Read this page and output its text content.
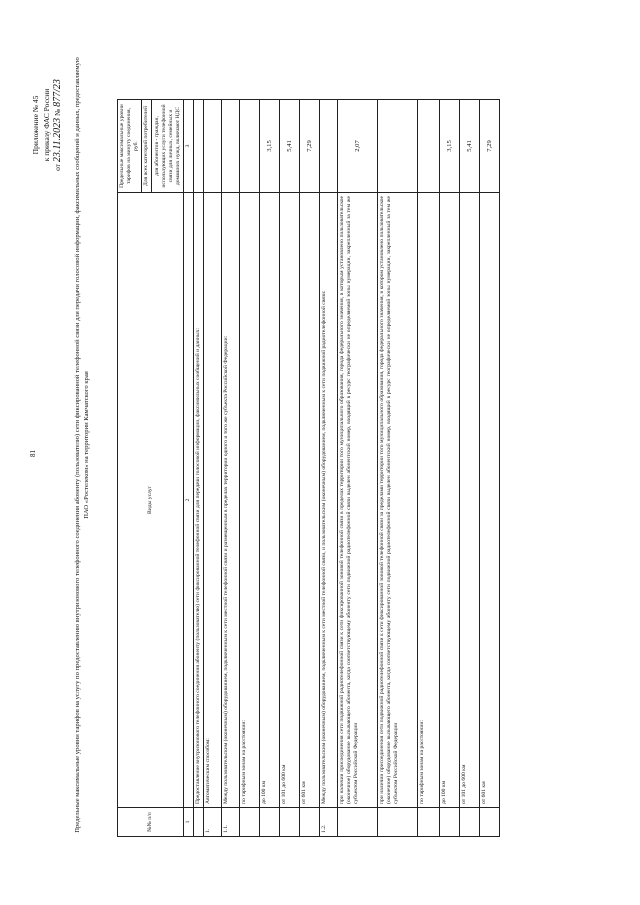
81
Приложение № 45 к приказу ФАС России
от 23.11.2023 № 877/23 Предельные максимальные уровни тарифов на услугу по предоставлению внутризонового телефонного соединения абоненту (пользователю) сети фиксированной телефонной связи для передачи голосовой информации, факсимильных сообщений и данных, предоставляемую ПАО «Ростелеком» на территории Камчатского края
№№ п/п	Виды услуг	Предельные максимальные уровни тарифов на минуту соединения, руб.
		Для всех категорий потребителей
		для абонентов - граждан, использующих услуги телефонной связи для личных, семейных и домашних нужд, включают НДС
1	2	3
	Предоставление внутризонового телефонного соединения абоненту (пользователю) сети фиксированной телефонной связи для передачи голосовой информации, факсимильных сообщений и данных:	
1.	Автоматическим способом:	
1.1.	Между пользовательским (оконечным) оборудованием, подключенным к сети местной телефонной связи и размещенным в пределах территории одного и того же субъекта Российской Федерации:	
	по тарифным зонам на расстоянии:	
	до 100 км	3,15
	от 101 до 600 км	5,41
	от 601 км	7,29
1.2.	Между пользовательским (оконечным) оборудованием, подключенным к сети местной телефонной связи, и пользовательским (оконечным) оборудованием, подключенным к сети подвижной радиотелефонной связи:	
	при наличии присоединения сети подвижной радиотелефонной связи к сети фиксированной зоновой телефонной связи в пределах территории того муниципального образования, города федерального значения, в которым установлено пользовательское (оконечное) оборудование вызывающего абонента, когда соответствующему абоненту сети подвижной радиотелефонной связи выделен абонентский номер, входящий в ресурс географически не определяемой зоны нумерации, закрепленный за тем же субъектом Российской Федерации	2,07
	при наличии присоединения сети подвижной радиотелефонной связи к сети фиксированной зоновой телефонной связи за пределами территории того муниципального образования, города федерального значения, в котором установлено пользовательское (оконечное) оборудование вызывающего абонента, когда соответствующему абоненту сети подвижной радиотелефонной связи выделен абонентский номер, входящий в ресурс географически не определяемой зоны нумерации, закрепленный за тем же субъектом Российской Федерации	
	по тарифным зонам на расстоянии:	
	до 100 км	3,15
	от 101 до 600 км	5,41
	от 601 км	7,29
